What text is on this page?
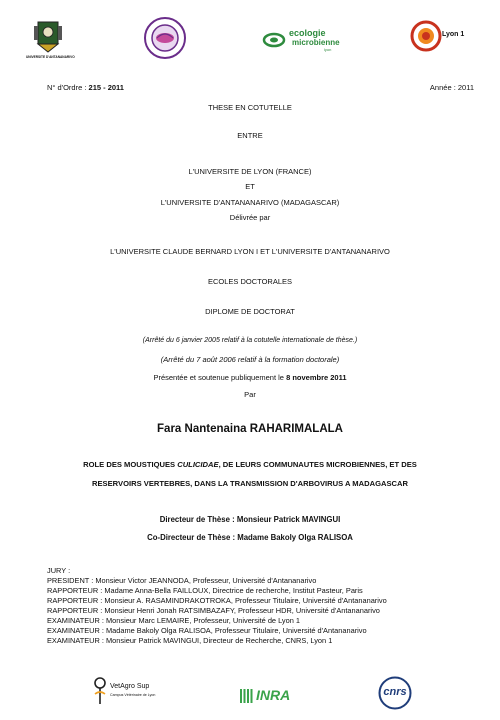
UNIVERSITE D'ANTANANARIVO
ecologie
microbienne
lyon
Lyon 1
N° d'Ordre : 215 - 2011	Année : 2011
THESE EN COTUTELLE
ENTRE
L'UNIVERSITE DE LYON (FRANCE)
ET
L'UNIVERSITE D'ANTANANARIVO (MADAGASCAR)
Délivrée par
L'UNIVERSITE CLAUDE BERNARD LYON I ET L'UNIVERSITE D'ANTANANARIVO
ECOLES DOCTORALES
DIPLOME DE DOCTORAT
(Arrêté du 6 janvier 2005 relatif à la cotutelle internationale de thèse.)
(Arrêté du 7 août 2006 relatif à la formation doctorale)
Présentée et soutenue publiquement le 8 novembre 2011
Par
Fara Nantenaina RAHARIMALALA
ROLE DES MOUSTIQUES CULICIDAE, DE LEURS COMMUNAUTES MICROBIENNES, ET DES
RESERVOIRS VERTEBRES, DANS LA TRANSMISSION D'ARBOVIRUS A MADAGASCAR
Directeur de Thèse : Monsieur Patrick MAVINGUI
Co-Directeur de Thèse : Madame Bakoly Olga RALISOA
JURY :
PRESIDENT : Monsieur Victor JEANNODA, Professeur, Université d'Antananarivo
RAPPORTEUR : Madame Anna-Bella FAILLOUX, Directrice de recherche, Institut Pasteur, Paris
RAPPORTEUR : Monsieur A. RASAMINDRAKOTROKA, Professeur Titulaire, Université d'Antananarivo
RAPPORTEUR : Monsieur Henri Jonah RATSIMBAZAFY, Professeur HDR, Université d'Antananarivo
EXAMINATEUR : Monsieur Marc LEMAIRE, Professeur, Université de Lyon 1
EXAMINATEUR : Madame Bakoly Olga RALISOA, Professeur Titulaire, Université d'Antananarivo
EXAMINATEUR : Monsieur Patrick MAVINGUI, Directeur de Recherche, CNRS, Lyon 1
VetAgro Sup
Campus Vétérinaire de Lyon	INRA	cnrs
